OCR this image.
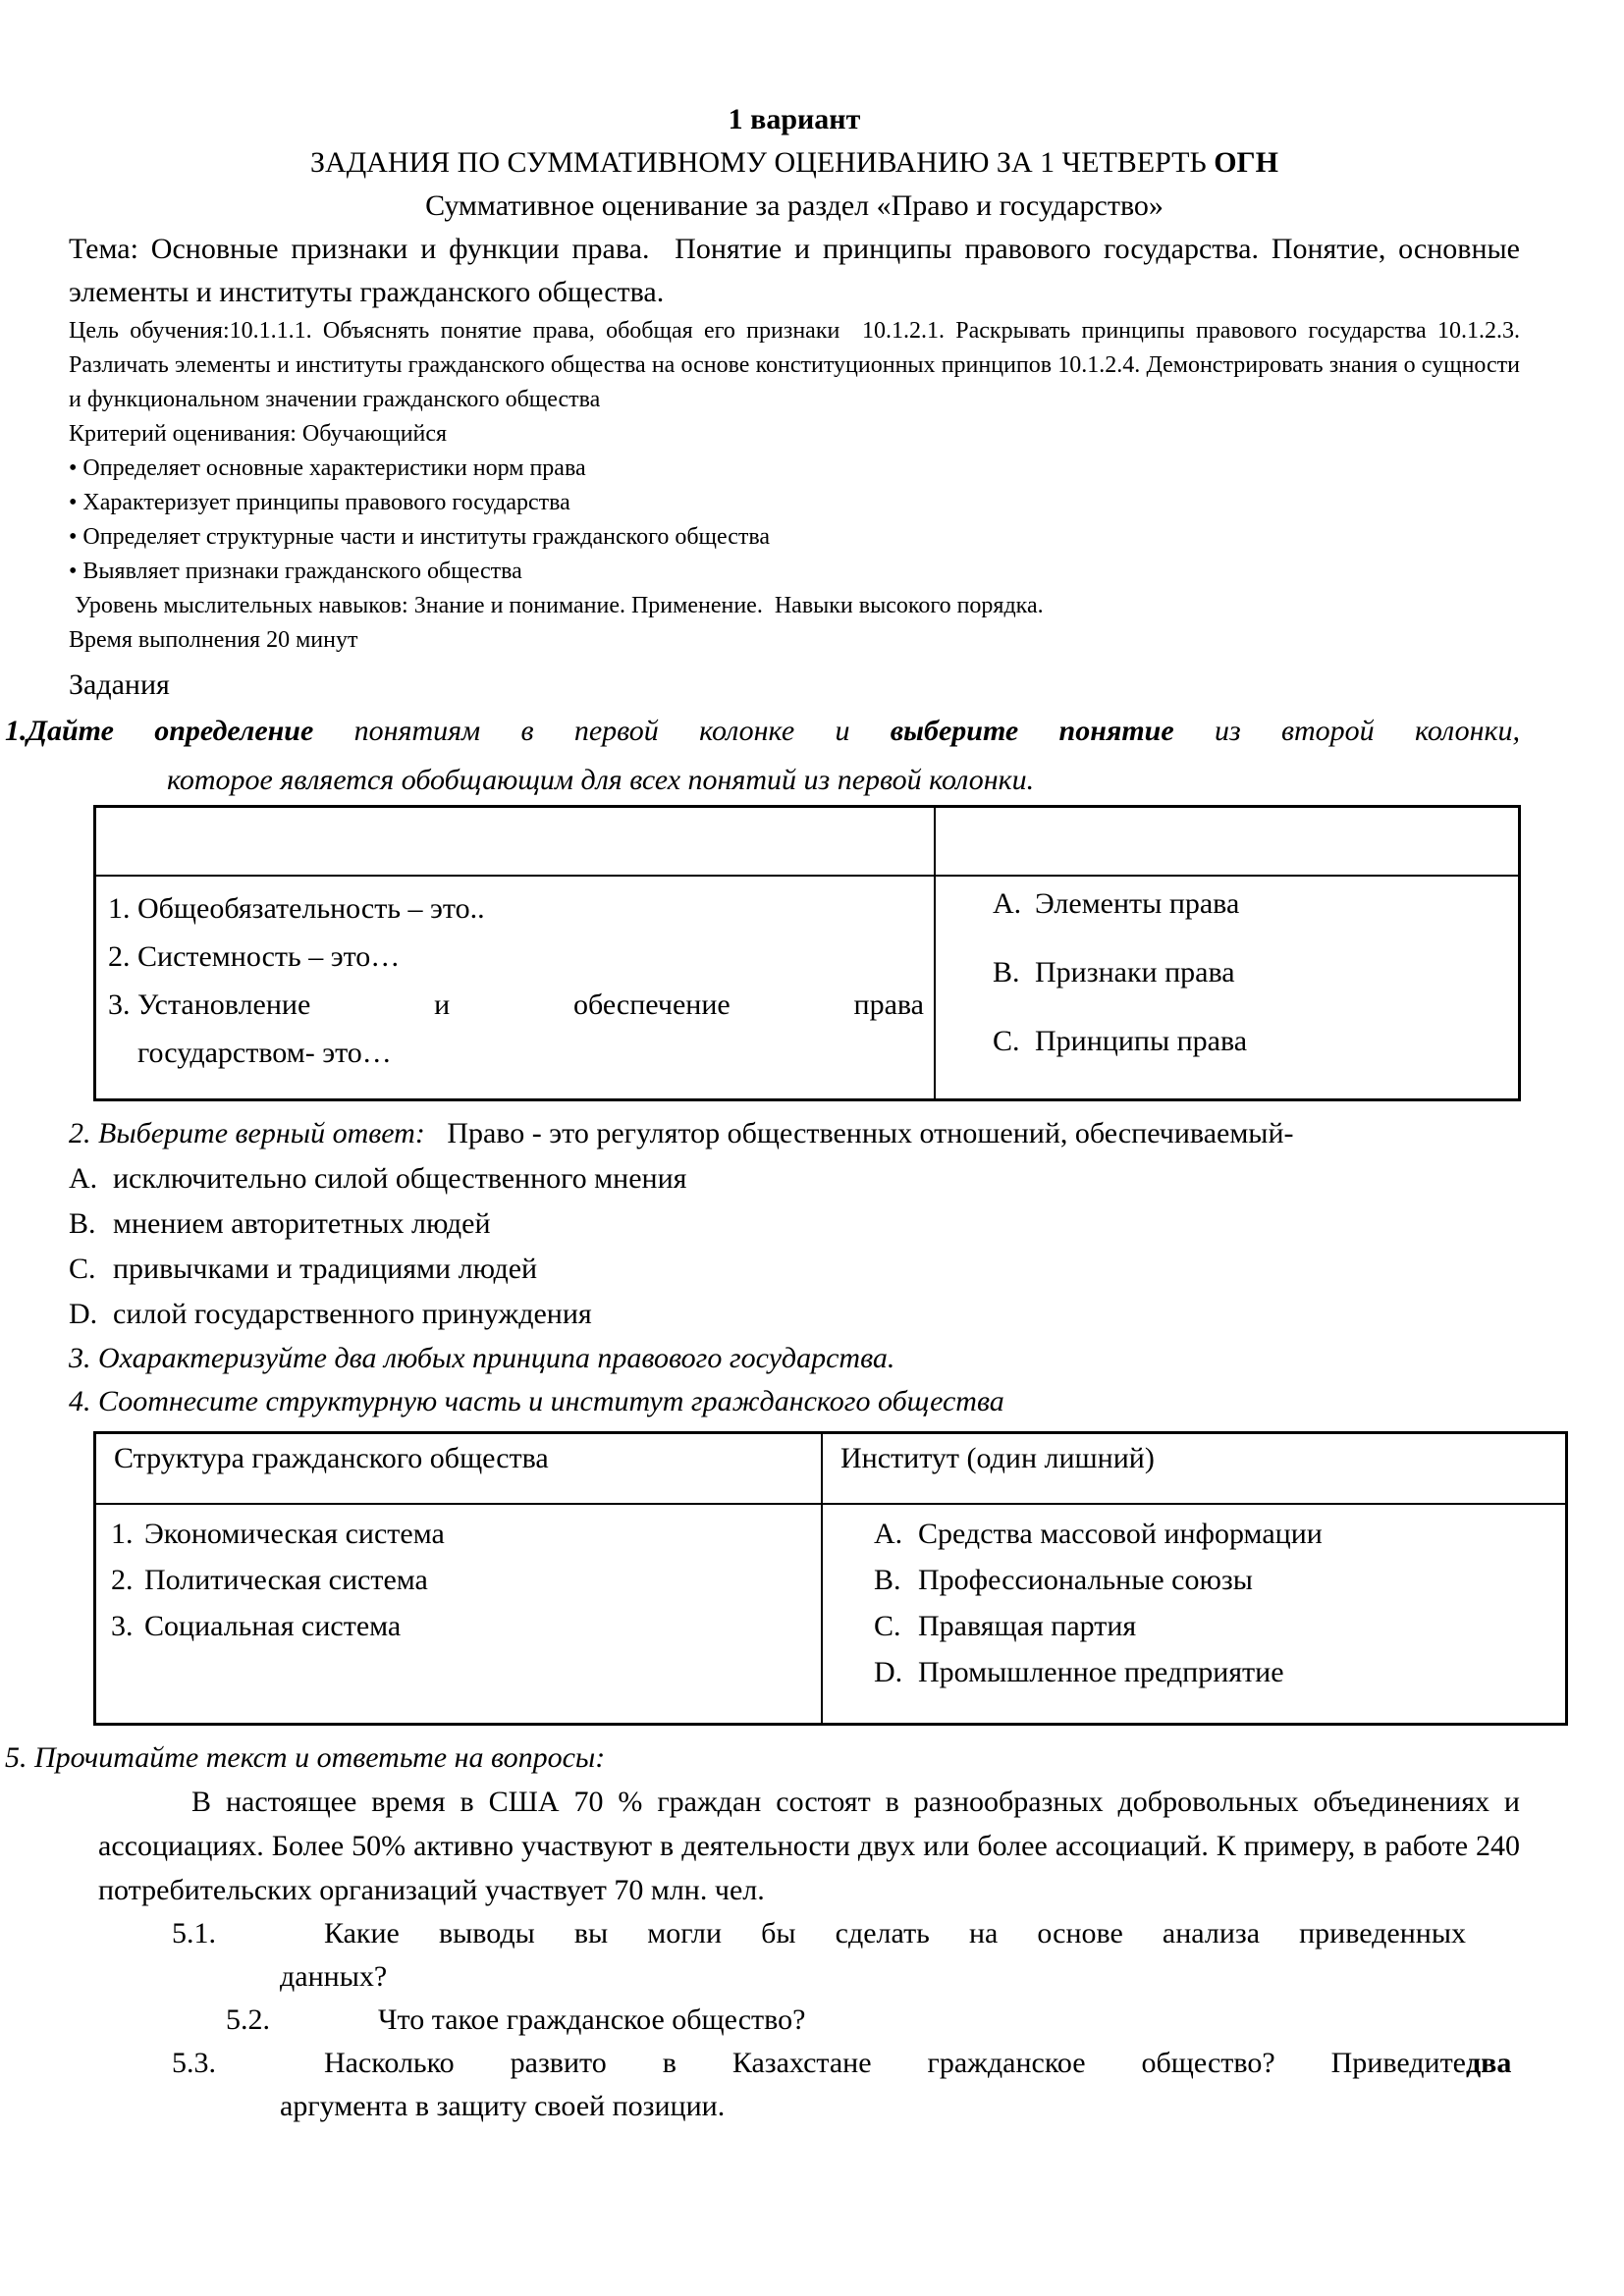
1 вариант

ЗАДАНИЯ ПО СУММАТИВНОМУ ОЦЕНИВАНИЮ ЗА 1 ЧЕТВЕРТЬ ОГН

Суммативное оценивание за раздел «Право и государство»

Тема: Основные признаки и функции права.  Понятие и принципы правового государства. Понятие, основные элементы и институты гражданского общества.

Цель обучения:10.1.1.1. Объяснять понятие права, обобщая его признаки  10.1.2.1. Раскрывать принципы правового государства 10.1.2.3. Различать элементы и институты гражданского общества на основе конституционных принципов 10.1.2.4. Демонстрировать знания о сущности и функциональном значении гражданского общества

Критерий оценивания: Обучающийся

• Определяет основные характеристики норм права

• Характеризует принципы правового государства

• Определяет структурные части и институты гражданского общества

• Выявляет признаки гражданского общества

Уровень мыслительных навыков: Знание и понимание. Применение.  Навыки высокого порядка.

Время выполнения 20 минут

Задания

1.Дайте определение понятиям в первой колонке и выберите понятие из второй колонки,
которое является обобщающим для всех понятий из первой колонки.

1. Общеобязательность – это..
2. Системность – это…
3. Установление и обеспечение правагосударством- это…

A. Элементы права
B. Признаки права
C. Принципы права

2. Выберите верный ответ:   Право - это регулятор общественных отношений, обеспечиваемый-

A. исключительно силой общественного мнения

B. мнением авторитетных людей

C. привычками и традициями людей

D. силой государственного принуждения

3. Охарактеризуйте два любых принципа правового государства.

4. Соотнесите структурную часть и институт гражданского общества

Структура гражданского общества	Институт (один лишний)

1. Экономическая система
2. Политическая система
3. Социальная система

A. Средства массовой информации
B. Профессиональные союзы
C. Правящая партия
D. Промышленное предприятие

5. Прочитайте текст и ответьте на вопросы:

В настоящее время в США 70 % граждан состоят в разнообразных добровольных объединениях и ассоциациях. Более 50% активно участвуют в деятельности двух или более ассоциаций. К примеру, в работе 240 потребительских организаций участвует 70 млн. чел.

5.1.	Какие выводы вы могли бы сделать на основе анализа приведенныхданных?
5.2.	Что такое гражданское общество?
5.3.	Насколько развито в Казахстане гражданское общество? Приведитедва аргумента в защиту своей позиции.
